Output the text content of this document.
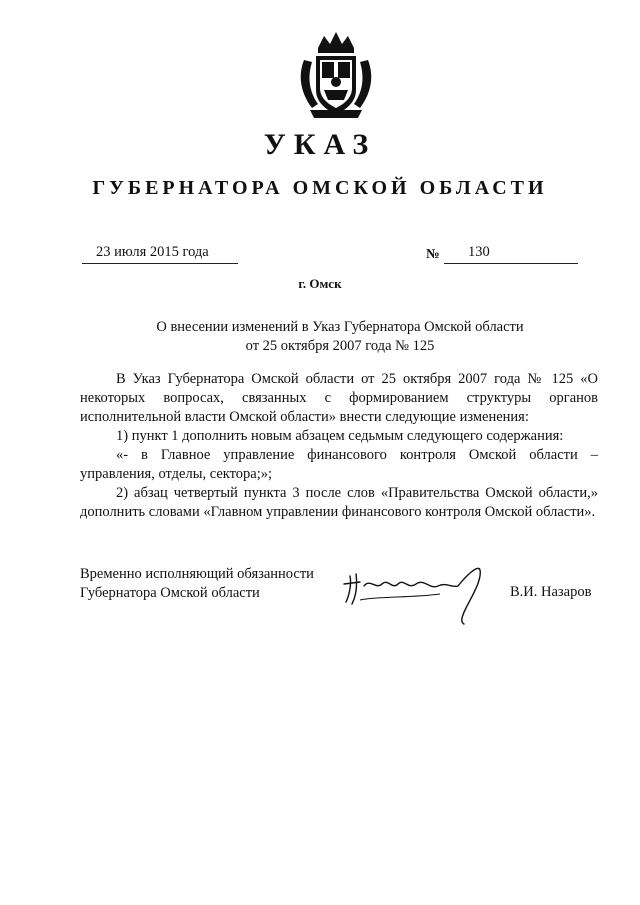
УКАЗ
ГУБЕРНАТОРА ОМСКОЙ ОБЛАСТИ
23 июля 2015 года	№	130
г. Омск
О внесении изменений в Указ Губернатора Омской области
от 25 октября 2007 года № 125

В Указ Губернатора Омской области от 25 октября 2007 года № 125 «О некоторых вопросах, связанных с формированием структуры органов исполнительной власти Омской области» внести следующие изменения:

1) пункт 1 дополнить новым абзацем седьмым следующего содержания:

«- в Главное управление финансового контроля Омской области – управления, отделы, сектора;»;

2) абзац четвертый пункта 3 после слов «Правительства Омской области,» дополнить словами «Главном управлении финансового контроля Омской области».

Временно исполняющий обязанности
Губернатора Омской области	В.И. Назаров
